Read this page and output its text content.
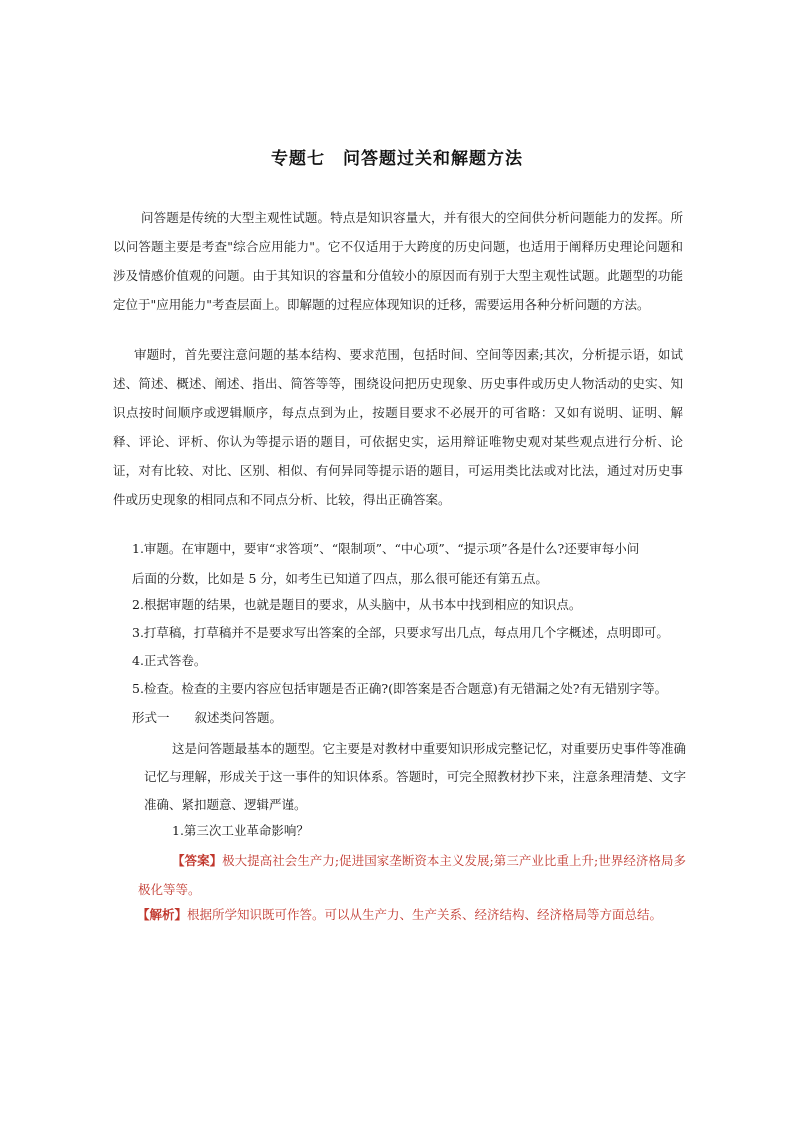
专题七　问答题过关和解题方法
问答题是传统的大型主观性试题。特点是知识容量大，并有很大的空间供分析问题能力的发挥。所以问答题主要是考查"综合应用能力"。它不仅适用于大跨度的历史问题，也适用于阐释历史理论问题和涉及情感价值观的问题。由于其知识的容量和分值较小的原因而有别于大型主观性试题。此题型的功能定位于"应用能力"考查层面上。即解题的过程应体现知识的迁移，需要运用各种分析问题的方法。
审题时，首先要注意问题的基本结构、要求范围，包括时间、空间等因素;其次，分析提示语，如试述、简述、概述、阐述、指出、简答等等，围绕设问把历史现象、历史事件或历史人物活动的史实、知识点按时间顺序或逻辑顺序，每点点到为止，按题目要求不必展开的可省略：又如有说明、证明、解释、评论、评析、你认为等提示语的题目，可依据史实，运用辩证唯物史观对某些观点进行分析、论证，对有比较、对比、区别、相似、有何异同等提示语的题目，可运用类比法或对比法，通过对历史事件或历史现象的相同点和不同点分析、比较，得出正确答案。
1.审题。在审题中，要审“求答项”、“限制项”、“中心项”、“提示项”各是什么?还要审每小问
后面的分数，比如是 5 分，如考生已知道了四点，那么很可能还有第五点。
2.根据审题的结果，也就是题目的要求，从头脑中，从书本中找到相应的知识点。
3.打草稿，打草稿并不是要求写出答案的全部，只要求写出几点，每点用几个字概述，点明即可。
4.正式答卷。
5.检查。检查的主要内容应包括审题是否正确?(即答案是否合题意)有无错漏之处?有无错别字等。
形式一　　叙述类问答题。
这是问答题最基本的题型。它主要是对教材中重要知识形成完整记忆，对重要历史事件等准确记忆与理解，形成关于这一事件的知识体系。答题时，可完全照教材抄下来，注意条理清楚、文字准确、紧扣题意、逻辑严谨。
1.第三次工业革命影响？
【答案】极大提高社会生产力;促进国家垄断资本主义发展;第三产业比重上升;世界经济格局多极化等等。
【解析】根据所学知识既可作答。可以从生产力、生产关系、经济结构、经济格局等方面总结。
